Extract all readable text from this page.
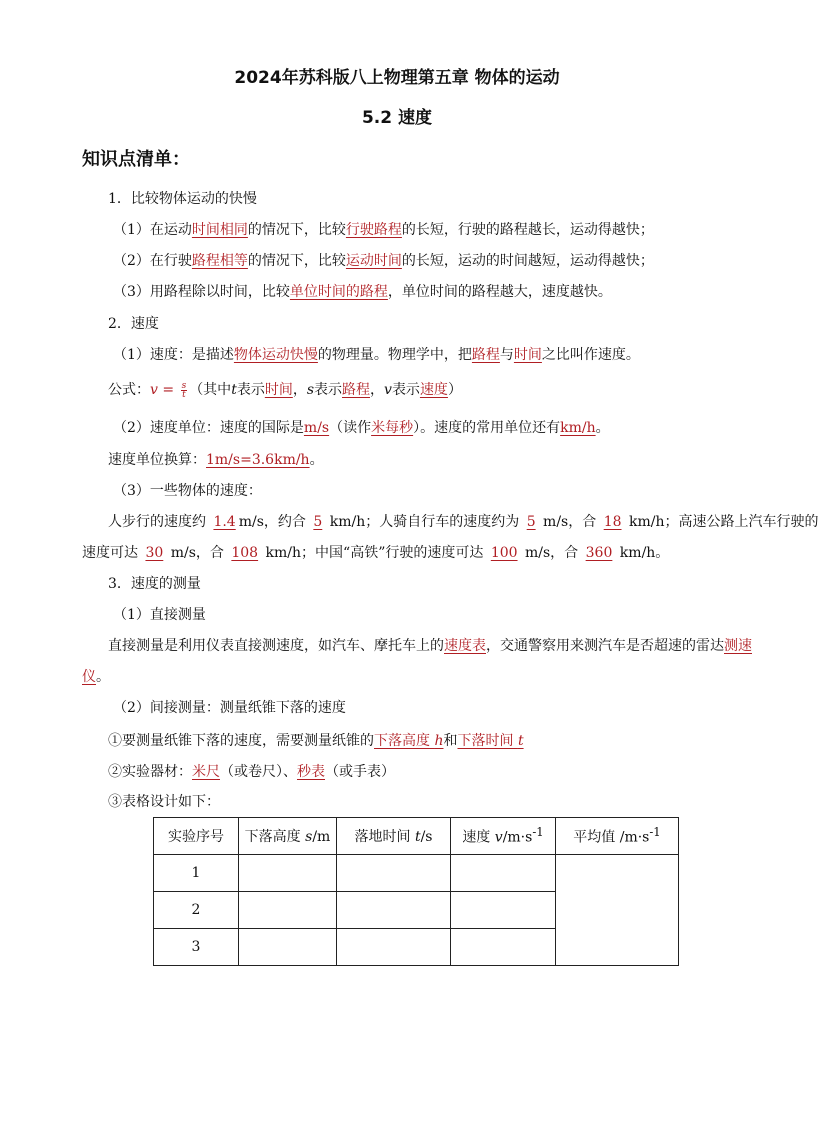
2024年苏科版八上物理第五章 物体的运动
5.2 速度
知识点清单：
1．比较物体运动的快慢
（1）在运动时间相同的情况下，比较行驶路程的长短，行驶的路程越长，运动得越快；
（2）在行驶路程相等的情况下，比较运动时间的长短，运动的时间越短，运动得越快；
（3）用路程除以时间，比较单位时间的路程，单位时间的路程越大，速度越快。
2．速度
（1）速度：是描述物体运动快慢的物理量。物理学中，把路程与时间之比叫作速度。
公式：$v = \frac{s}{t}$ （其中t表示时间，s表示路程，v表示速度）
（2）速度单位：速度的国际是m/s（读作米每秒）。速度的常用单位还有km/h。
速度单位换算：1m/s=3.6km/h。
（3）一些物体的速度：
人步行的速度约 1.4 m/s，约合 5 km/h；人骑自行车的速度约为 5 m/s，合 18 km/h；高速公路上汽车行驶的
速度可达 30 m/s，合 108 km/h；中国“高铁”行驶的速度可达 100 m/s，合 360 km/h。
3．速度的测量
（1）直接测量
直接测量是利用仪表直接测速度，如汽车、摩托车上的速度表，交通警察用来测汽车是否超速的雷达测速
仪。
（2）间接测量：测量纸锥下落的速度
①要测量纸锥下落的速度，需要测量纸锥的下落高度 h和下落时间 t
②实验器材：米尺（或卷尺）、秒表（或手表）
③表格设计如下：
实验序号	下落高度 s/m	落地时间 t/s	速度 $v/m\cdot s^{-1}$	平均值 $/m\cdot s^{-1}$
1				
2				
3				
